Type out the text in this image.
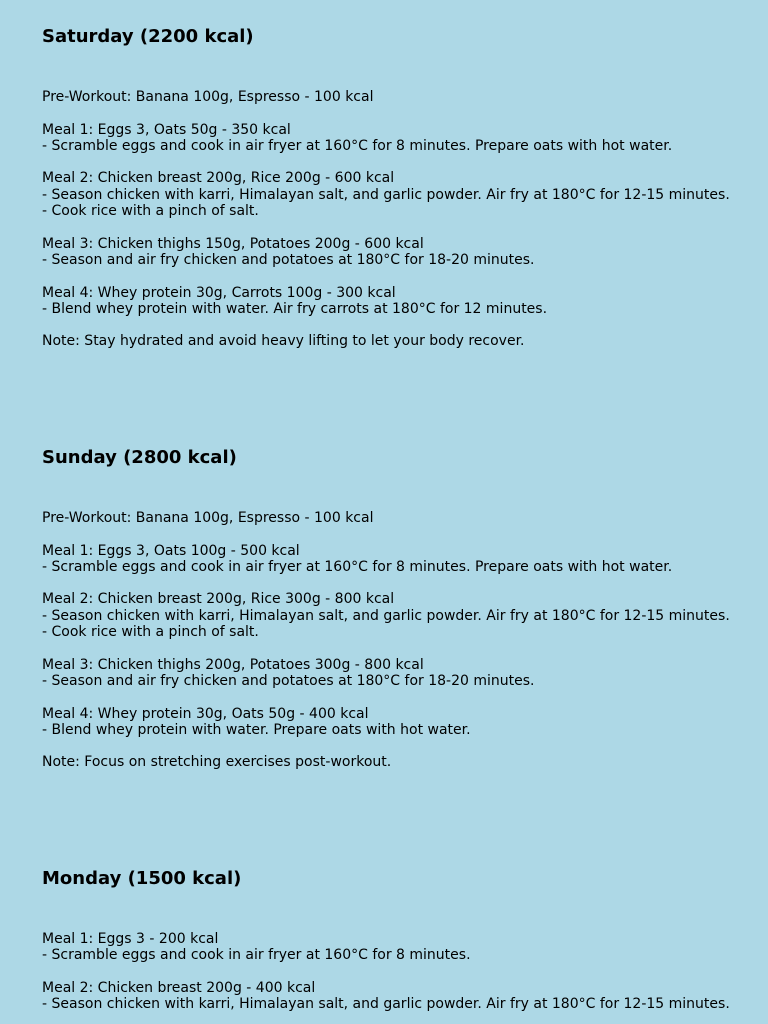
Saturday (2200 kcal)

Pre-Workout: Banana 100g, Espresso - 100 kcal

Meal 1: Eggs 3, Oats 50g - 350 kcal

- Scramble eggs and cook in air fryer at 160°C for 8 minutes. Prepare oats with hot water.

Meal 2: Chicken breast 200g, Rice 200g - 600 kcal

- Season chicken with karri, Himalayan salt, and garlic powder. Air fry at 180°C for 12-15 minutes.

- Cook rice with a pinch of salt.

Meal 3: Chicken thighs 150g, Potatoes 200g - 600 kcal

- Season and air fry chicken and potatoes at 180°C for 18-20 minutes.

Meal 4: Whey protein 30g, Carrots 100g - 300 kcal

- Blend whey protein with water. Air fry carrots at 180°C for 12 minutes.

Note: Stay hydrated and avoid heavy lifting to let your body recover.

Sunday (2800 kcal)

Pre-Workout: Banana 100g, Espresso - 100 kcal

Meal 1: Eggs 3, Oats 100g - 500 kcal

- Scramble eggs and cook in air fryer at 160°C for 8 minutes. Prepare oats with hot water.

Meal 2: Chicken breast 200g, Rice 300g - 800 kcal

- Season chicken with karri, Himalayan salt, and garlic powder. Air fry at 180°C for 12-15 minutes.

- Cook rice with a pinch of salt.

Meal 3: Chicken thighs 200g, Potatoes 300g - 800 kcal

- Season and air fry chicken and potatoes at 180°C for 18-20 minutes.

Meal 4: Whey protein 30g, Oats 50g - 400 kcal

- Blend whey protein with water. Prepare oats with hot water.

Note: Focus on stretching exercises post-workout.

Monday (1500 kcal)

Meal 1: Eggs 3 - 200 kcal

- Scramble eggs and cook in air fryer at 160°C for 8 minutes.

Meal 2: Chicken breast 200g - 400 kcal

- Season chicken with karri, Himalayan salt, and garlic powder. Air fry at 180°C for 12-15 minutes.
